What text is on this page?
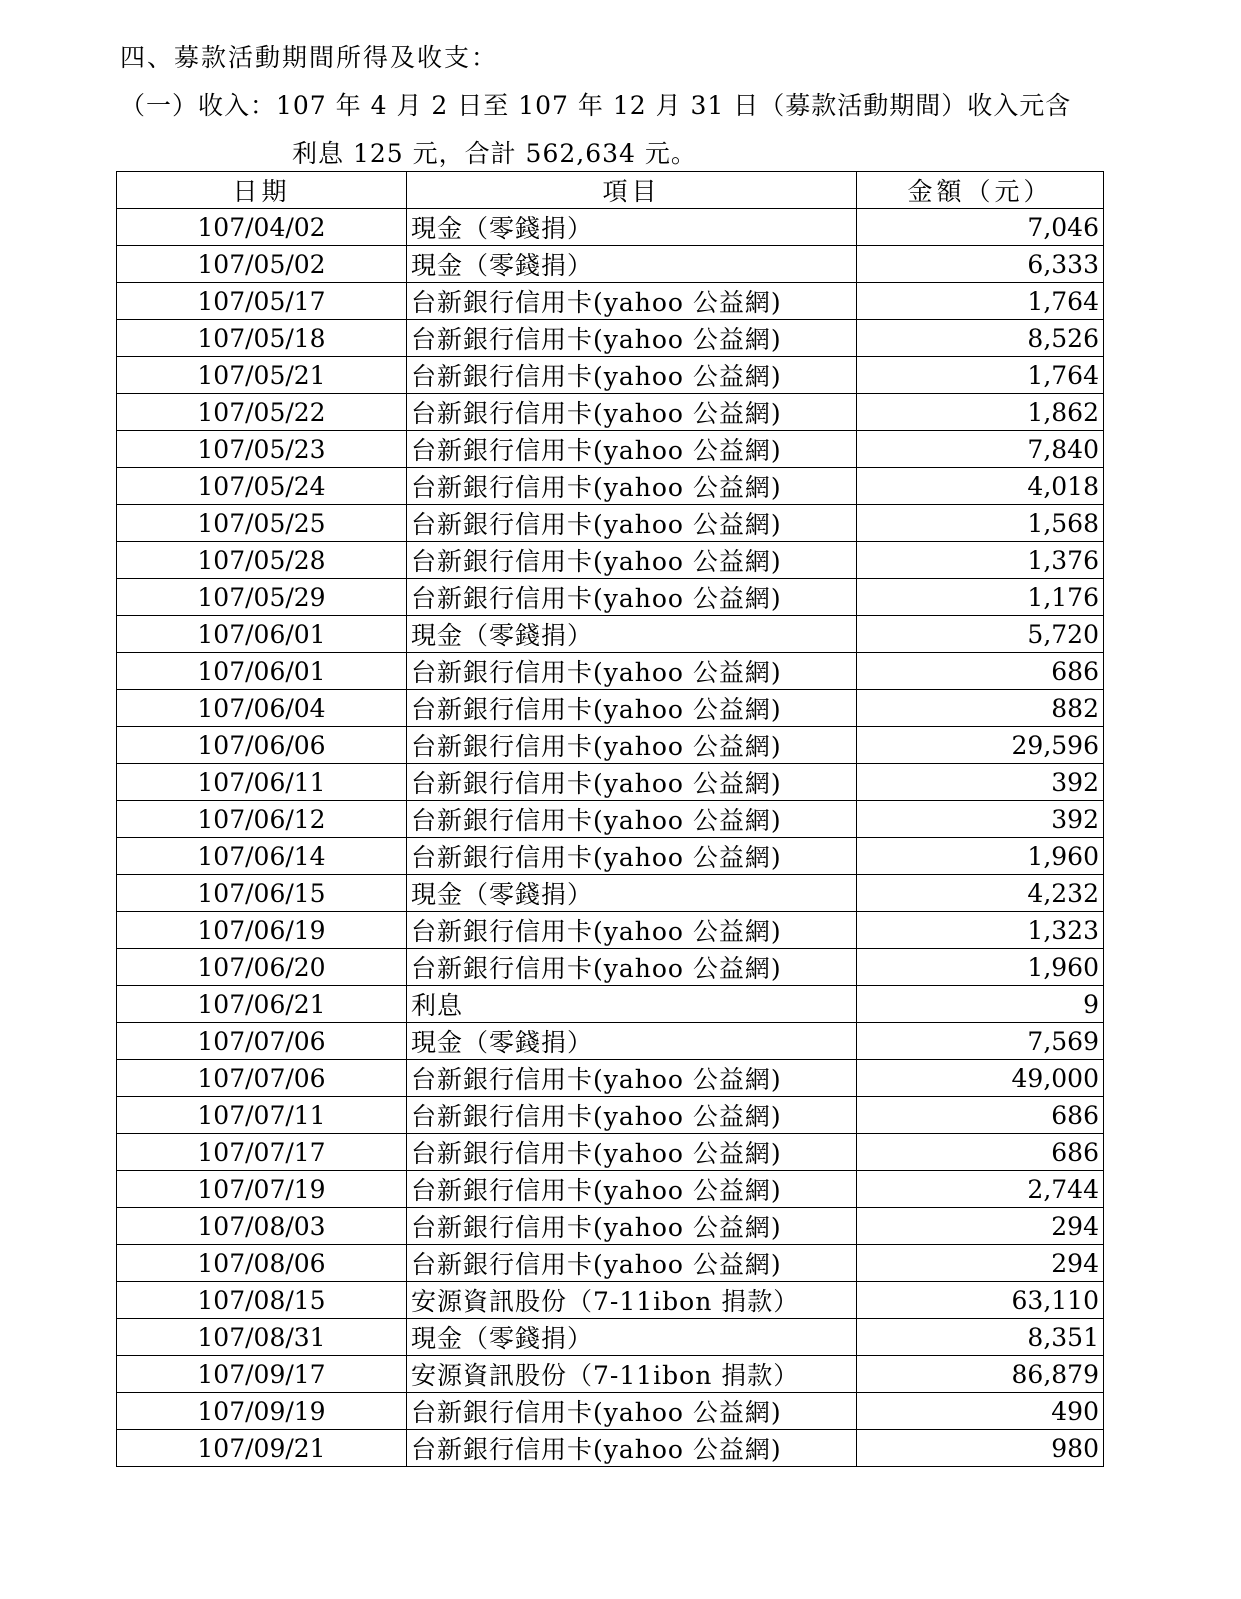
四、募款活動期間所得及收支：
（一）收入：107 年 4 月 2 日至 107 年 12 月 31 日（募款活動期間）收入元含
利息 125 元，合計 562,634 元。
日期	項目	金額（元）
107/04/02	現金（零錢捐）	7,046
107/05/02	現金（零錢捐）	6,333
107/05/17	台新銀行信用卡(yahoo 公益網)	1,764
107/05/18	台新銀行信用卡(yahoo 公益網)	8,526
107/05/21	台新銀行信用卡(yahoo 公益網)	1,764
107/05/22	台新銀行信用卡(yahoo 公益網)	1,862
107/05/23	台新銀行信用卡(yahoo 公益網)	7,840
107/05/24	台新銀行信用卡(yahoo 公益網)	4,018
107/05/25	台新銀行信用卡(yahoo 公益網)	1,568
107/05/28	台新銀行信用卡(yahoo 公益網)	1,376
107/05/29	台新銀行信用卡(yahoo 公益網)	1,176
107/06/01	現金（零錢捐）	5,720
107/06/01	台新銀行信用卡(yahoo 公益網)	686
107/06/04	台新銀行信用卡(yahoo 公益網)	882
107/06/06	台新銀行信用卡(yahoo 公益網)	29,596
107/06/11	台新銀行信用卡(yahoo 公益網)	392
107/06/12	台新銀行信用卡(yahoo 公益網)	392
107/06/14	台新銀行信用卡(yahoo 公益網)	1,960
107/06/15	現金（零錢捐）	4,232
107/06/19	台新銀行信用卡(yahoo 公益網)	1,323
107/06/20	台新銀行信用卡(yahoo 公益網)	1,960
107/06/21	利息	9
107/07/06	現金（零錢捐）	7,569
107/07/06	台新銀行信用卡(yahoo 公益網)	49,000
107/07/11	台新銀行信用卡(yahoo 公益網)	686
107/07/17	台新銀行信用卡(yahoo 公益網)	686
107/07/19	台新銀行信用卡(yahoo 公益網)	2,744
107/08/03	台新銀行信用卡(yahoo 公益網)	294
107/08/06	台新銀行信用卡(yahoo 公益網)	294
107/08/15	安源資訊股份（7-11ibon 捐款）	63,110
107/08/31	現金（零錢捐）	8,351
107/09/17	安源資訊股份（7-11ibon 捐款）	86,879
107/09/19	台新銀行信用卡(yahoo 公益網)	490
107/09/21	台新銀行信用卡(yahoo 公益網)	980
